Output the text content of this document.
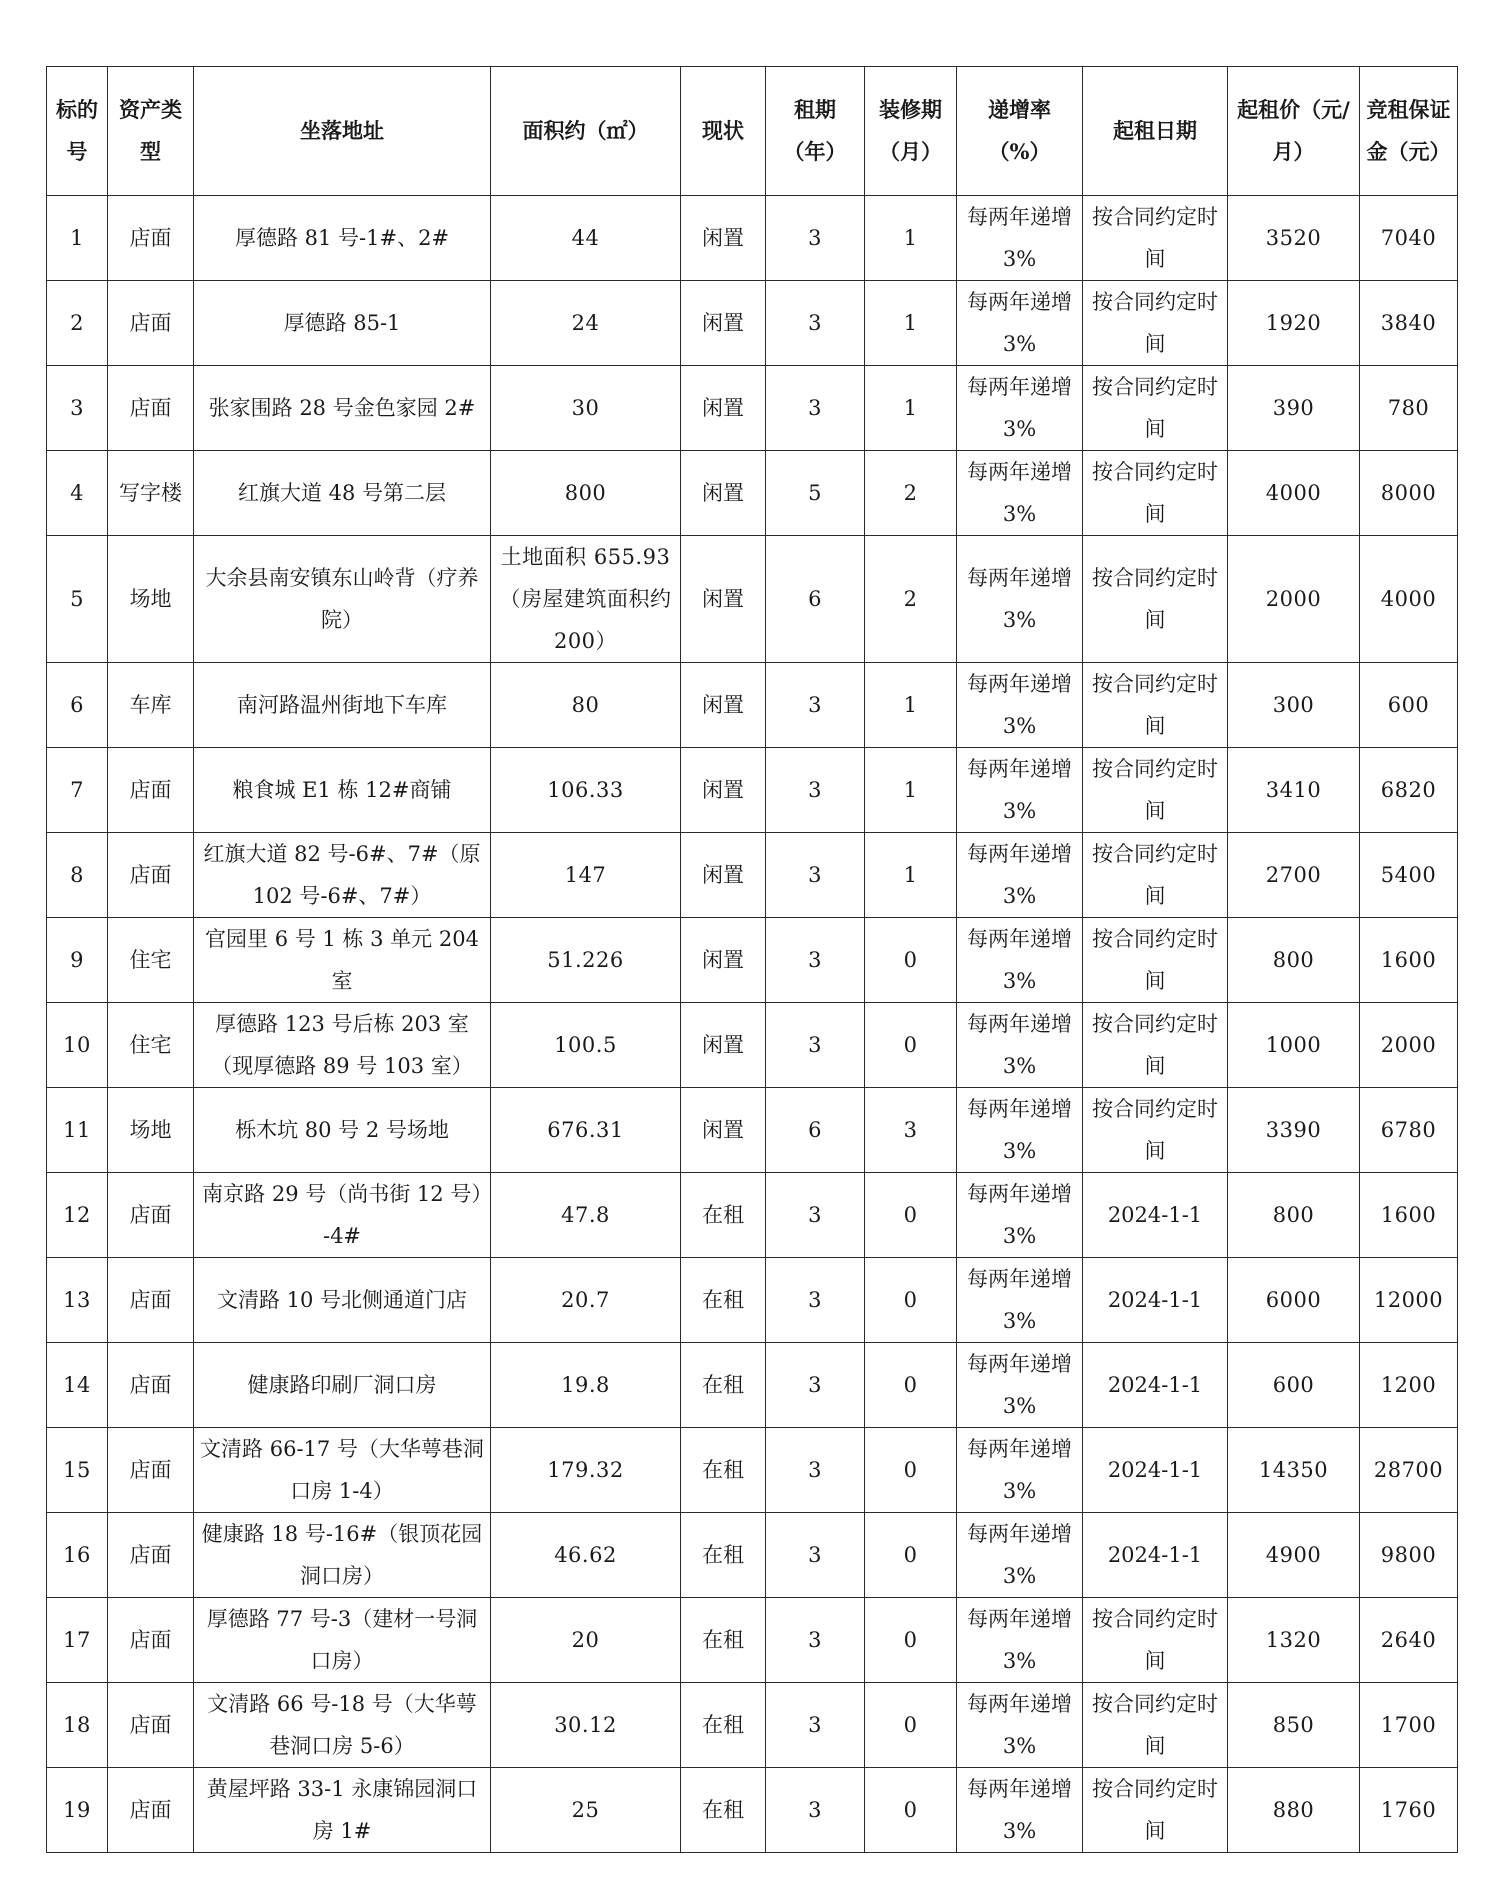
标的号	资产类型	坐落地址	面积约（㎡）	现状	租期（年）	装修期（月）	递增率（%）	起租日期	起租价（元/月）	竞租保证金（元）
1	店面	厚德路 81 号-1#、2#	44	闲置	3	1	每两年递增 3%	按合同约定时间	3520	7040
2	店面	厚德路 85-1	24	闲置	3	1	每两年递增 3%	按合同约定时间	1920	3840
3	店面	张家围路 28 号金色家园 2#	30	闲置	3	1	每两年递增 3%	按合同约定时间	390	780
4	写字楼	红旗大道 48 号第二层	800	闲置	5	2	每两年递增 3%	按合同约定时间	4000	8000
5	场地	大余县南安镇东山岭背（疗养院）	土地面积 655.93（房屋建筑面积约 200）	闲置	6	2	每两年递增 3%	按合同约定时间	2000	4000
6	车库	南河路温州街地下车库	80	闲置	3	1	每两年递增 3%	按合同约定时间	300	600
7	店面	粮食城 E1 栋 12#商铺	106.33	闲置	3	1	每两年递增 3%	按合同约定时间	3410	6820
8	店面	红旗大道 82 号-6#、7#（原 102 号-6#、7#）	147	闲置	3	1	每两年递增 3%	按合同约定时间	2700	5400
9	住宅	官园里 6 号 1 栋 3 单元 204 室	51.226	闲置	3	0	每两年递增 3%	按合同约定时间	800	1600
10	住宅	厚德路 123 号后栋 203 室（现厚德路 89 号 103 室）	100.5	闲置	3	0	每两年递增 3%	按合同约定时间	1000	2000
11	场地	栎木坑 80 号 2 号场地	676.31	闲置	6	3	每两年递增 3%	按合同约定时间	3390	6780
12	店面	南京路 29 号（尚书街 12 号）-4#	47.8	在租	3	0	每两年递增 3%	2024-1-1	800	1600
13	店面	文清路 10 号北侧通道门店	20.7	在租	3	0	每两年递增 3%	2024-1-1	6000	12000
14	店面	健康路印刷厂洞口房	19.8	在租	3	0	每两年递增 3%	2024-1-1	600	1200
15	店面	文清路 66-17 号（大华萼巷洞口房 1-4）	179.32	在租	3	0	每两年递增 3%	2024-1-1	14350	28700
16	店面	健康路 18 号-16#（银顶花园洞口房）	46.62	在租	3	0	每两年递增 3%	2024-1-1	4900	9800
17	店面	厚德路 77 号-3（建材一号洞口房）	20	在租	3	0	每两年递增 3%	按合同约定时间	1320	2640
18	店面	文清路 66 号-18 号（大华萼巷洞口房 5-6）	30.12	在租	3	0	每两年递增 3%	按合同约定时间	850	1700
19	店面	黄屋坪路 33-1 永康锦园洞口房 1#	25	在租	3	0	每两年递增 3%	按合同约定时间	880	1760
